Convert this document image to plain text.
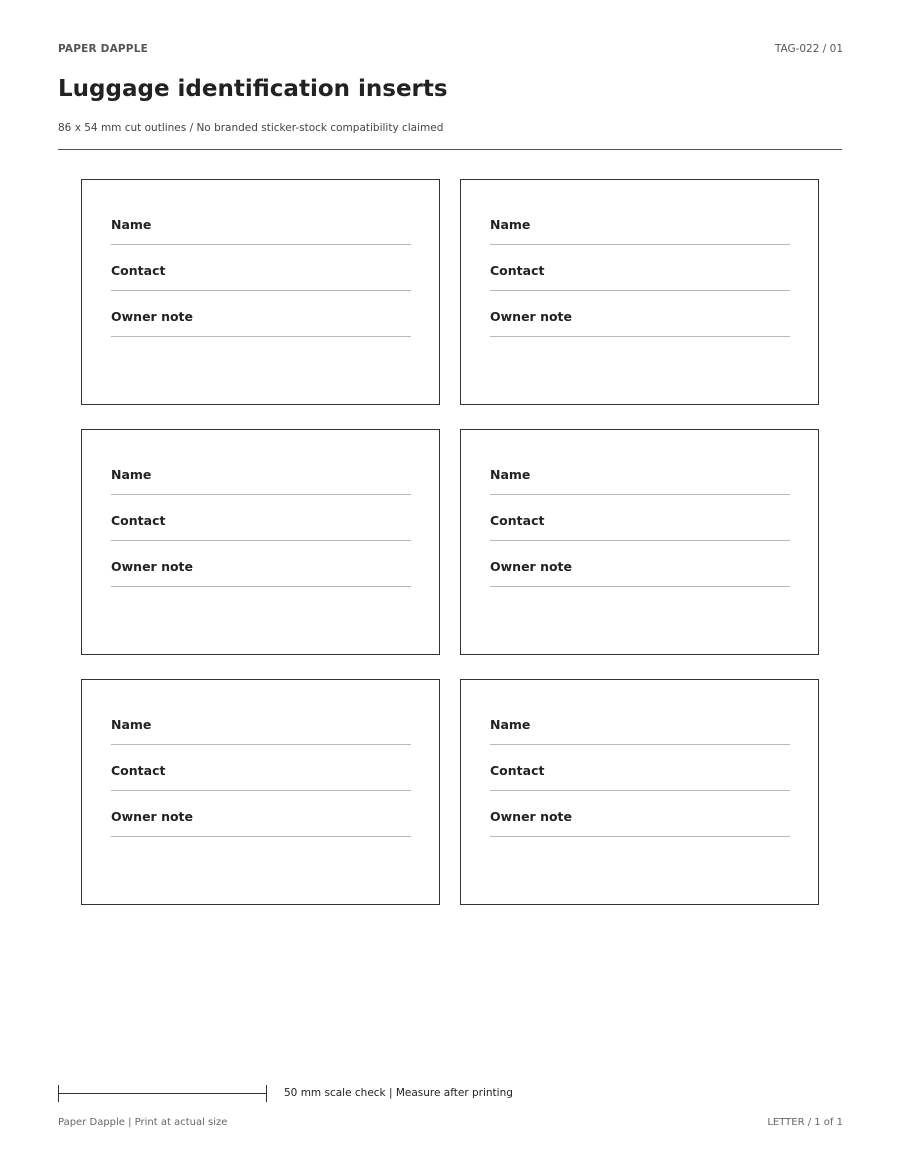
PAPER DAPPLE	TAG-022 / 01
Luggage identification inserts
86 x 54 mm cut outlines / No branded sticker-stock compatibility claimed
Name
Contact
Owner note
Name
Contact
Owner note
Name
Contact
Owner note
Name
Contact
Owner note
Name
Contact
Owner note
Name
Contact
Owner note
50 mm scale check | Measure after printing
Paper Dapple | Print at actual size	LETTER / 1 of 1
